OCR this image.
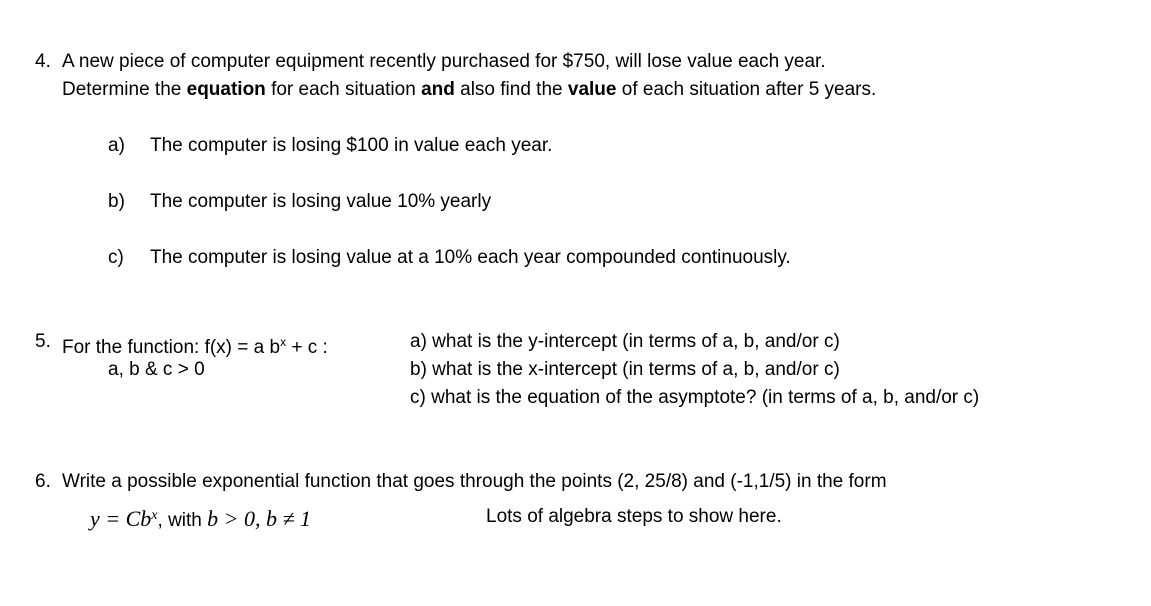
4. A new piece of computer equipment recently purchased for $750, will lose value each year.
Determine the equation for each situation and also find the value of each situation after 5 years.
a) The computer is losing $100 in value each year.
b) The computer is losing value 10% yearly
c) The computer is losing value at a 10% each year compounded continuously.
5. For the function: f(x) = a $b^x + c$ :
a, b & c > 0
a) what is the y-intercept (in terms of a, b, and/or c)
b) what is the x-intercept (in terms of a, b, and/or c)
c) what is the equation of the asymptote? (in terms of a, b, and/or c)
6. Write a possible exponential function that goes through the points (2, 25/8) and (-1,1/5) in the form
$y = Cb^x$, with b > 0, b ≠ 1	Lots of algebra steps to show here.
